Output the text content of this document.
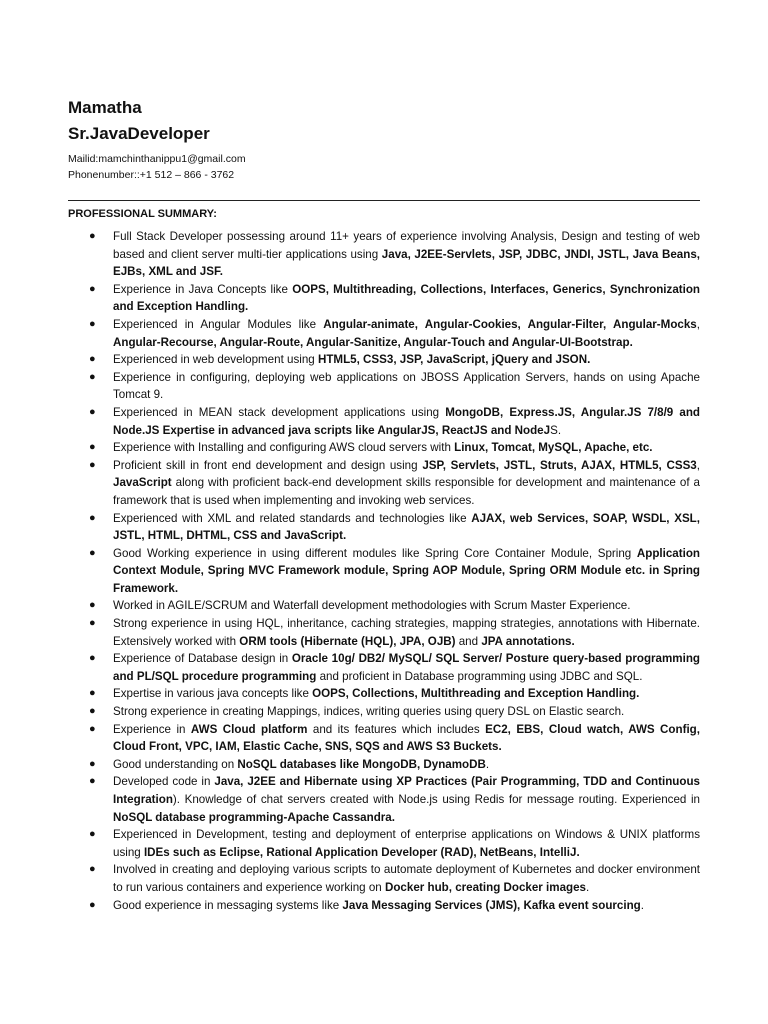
Mamatha
Sr.JavaDeveloper

Mailid:mamchinthanippu1@gmail.com

Phonenumber::+1 512 – 866 - 3762

PROFESSIONAL SUMMARY:

● Full Stack Developer possessing around 11+ years of experience involving Analysis, Design and testing of web based and client server multi-tier applications using Java, J2EE-Servlets, JSP, JDBC, JNDI, JSTL, Java Beans, EJBs, XML and JSF.
● Experience in Java Concepts like OOPS, Multithreading, Collections, Interfaces, Generics, Synchronization and Exception Handling.
● Experienced in Angular Modules like Angular-animate, Angular-Cookies, Angular-Filter, Angular-Mocks, Angular-Recourse, Angular-Route, Angular-Sanitize, Angular-Touch and Angular-UI-Bootstrap.
● Experienced in web development using HTML5, CSS3, JSP, JavaScript, jQuery and JSON.
● Experience in configuring, deploying web applications on JBOSS Application Servers, hands on using Apache Tomcat 9.
● Experienced in MEAN stack development applications using MongoDB, Express.JS, Angular.JS 7/8/9 and Node.JS Expertise in advanced java scripts like AngularJS, ReactJS and NodeJS.
● Experience with Installing and configuring AWS cloud servers with Linux, Tomcat, MySQL, Apache, etc.
● Proficient skill in front end development and design using JSP, Servlets, JSTL, Struts, AJAX, HTML5, CSS3, JavaScript along with proficient back-end development skills responsible for development and maintenance of a framework that is used when implementing and invoking web services.
● Experienced with XML and related standards and technologies like AJAX, web Services, SOAP, WSDL, XSL, JSTL, HTML, DHTML, CSS and JavaScript.
● Good Working experience in using different modules like Spring Core Container Module, Spring Application Context Module, Spring MVC Framework module, Spring AOP Module, Spring ORM Module etc. in Spring Framework.
● Worked in AGILE/SCRUM and Waterfall development methodologies with Scrum Master Experience.
● Strong experience in using HQL, inheritance, caching strategies, mapping strategies, annotations with Hibernate. Extensively worked with ORM tools (Hibernate (HQL), JPA, OJB) and JPA annotations.
● Experience of Database design in Oracle 10g/ DB2/ MySQL/ SQL Server/ Posture query-based programming and PL/SQL procedure programming and proficient in Database programming using JDBC and SQL.
● Expertise in various java concepts like OOPS, Collections, Multithreading and Exception Handling.
● Strong experience in creating Mappings, indices, writing queries using query DSL on Elastic search.
● Experience in AWS Cloud platform and its features which includes EC2, EBS, Cloud watch, AWS Config, Cloud Front, VPC, IAM, Elastic Cache, SNS, SQS and AWS S3 Buckets.
● Good understanding on NoSQL databases like MongoDB, DynamoDB.
● Developed code in Java, J2EE and Hibernate using XP Practices (Pair Programming, TDD and Continuous Integration). Knowledge of chat servers created with Node.js using Redis for message routing. Experienced in NoSQL database programming-Apache Cassandra.
● Experienced in Development, testing and deployment of enterprise applications on Windows & UNIX platforms using IDEs such as Eclipse, Rational Application Developer (RAD), NetBeans, IntelliJ.
● Involved in creating and deploying various scripts to automate deployment of Kubernetes and docker environment to run various containers and experience working on Docker hub, creating Docker images.
● Good experience in messaging systems like Java Messaging Services (JMS), Kafka event sourcing.
